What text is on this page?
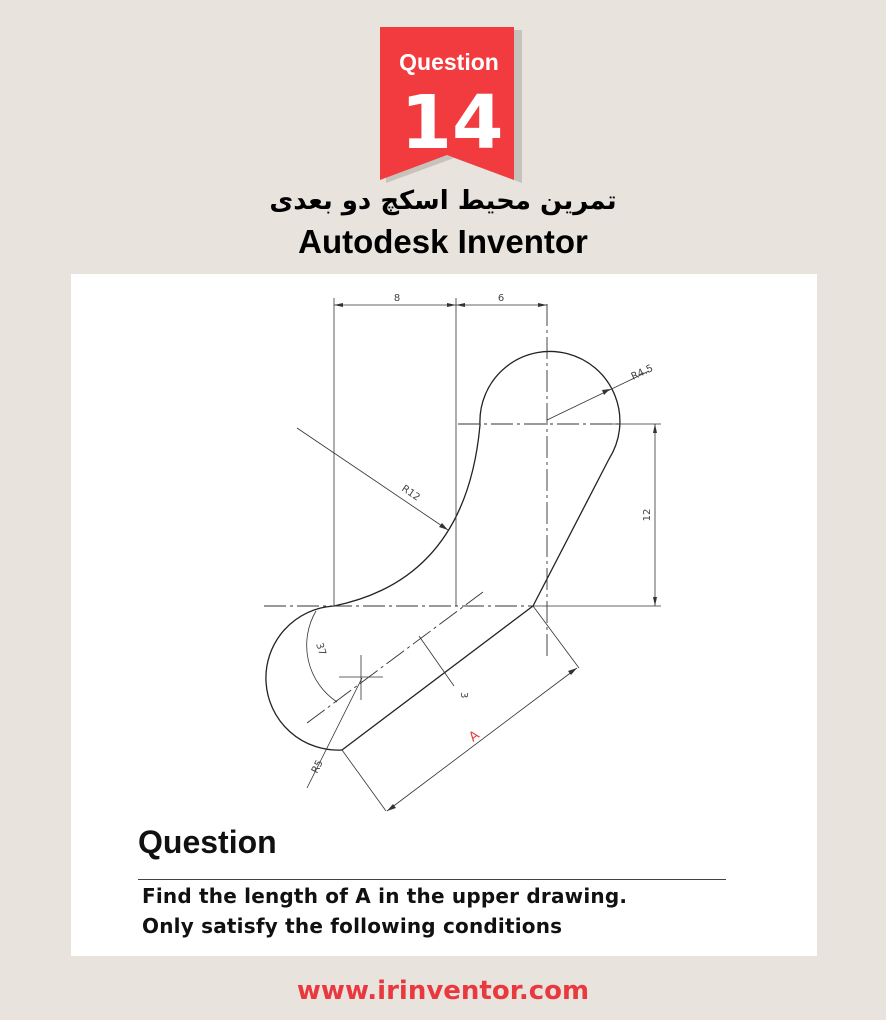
Question
14
تمرین محیط اسکچ دو بعدی
Autodesk Inventor
8	6
R4.5
R12
12
37
3
R5
A
Question
Find the length of A in the upper drawing.
Only satisfy the following conditions
www.irinventor.com
